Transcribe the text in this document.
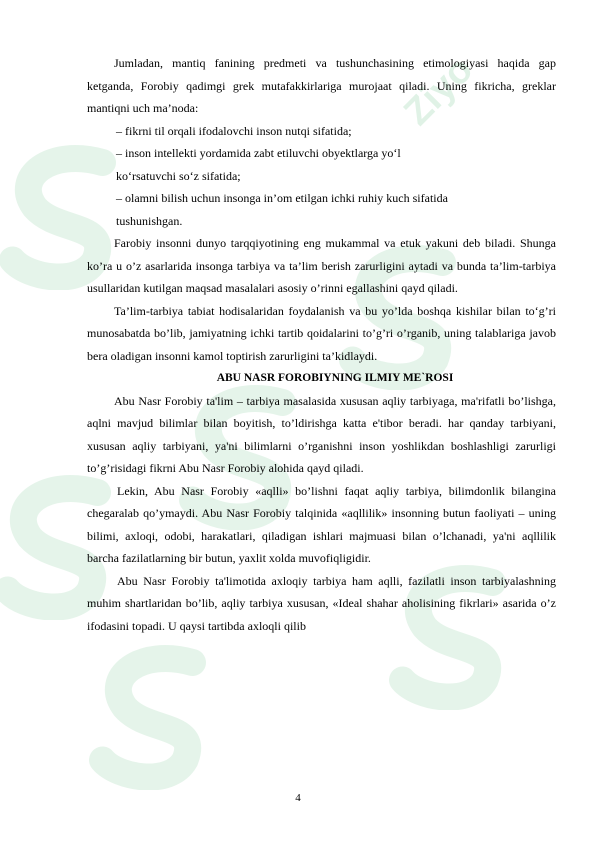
Ziyo

Jumladan, mantiq fanining predmeti va tushunchasining etimologiyasi haqida gap ketganda, Forobiy qadimgi grek mutafakkirlariga murojaat qiladi. Uning fikricha, greklar mantiqni uch ma’noda:

– fikrni til orqali ifodalovchi inson nutqi sifatida;

– inson intellekti yordamida zabt etiluvchi obyektlarga yo‘l

ko‘rsatuvchi so‘z sifatida;

– olamni bilish uchun insonga in’om etilgan ichki ruhiy kuch sifatida

tushunishgan.

Farobiy insonni dunyo tarqqiyotining eng mukammal va etuk yakuni deb biladi. Shunga ko’ra u o’z asarlarida insonga tarbiya va ta’lim berish zarurligini aytadi va bunda ta’lim-tarbiya usullaridan kutilgan maqsad masalalari asosiy o’rinni egallashini qayd qiladi.

Ta’lim-tarbiya tabiat hodisalaridan foydalanish va bu yo’lda boshqa kishilar bilan to‘g’ri munosabatda bo’lib, jamiyatning ichki tartib qoidalarini to’g’ri o’rganib, uning talablariga javob bera oladigan insonni kamol toptirish zarurligini ta’kidlaydi.

ABU NASR FOROBIYNING ILMIY ME`ROSI

Abu Nasr Forobiy ta'lim – tarbiya masalasida xususan aqliy tarbiyaga, ma'rifatli bo’lishga, aqlni mavjud bilimlar bilan boyitish, to’ldirishga katta e'tibor beradi. har qanday tarbiyani, xususan aqliy tarbiyani, ya'ni bilimlarni o’rganishni inson yoshlikdan boshlashligi zarurligi to’g’risidagi fikrni Abu Nasr Forobiy alohida qayd qiladi.

Lekin, Abu Nasr Forobiy «aqlli» bo’lishni faqat aqliy tarbiya, bilimdonlik bilangina chegaralab qo’ymaydi. Abu Nasr Forobiy talqinida «aqllilik» insonning butun faoliyati – uning bilimi, axloqi, odobi, harakatlari, qiladigan ishlari majmuasi bilan o’lchanadi, ya'ni aqllilik barcha fazilatlarning bir butun, yaxlit xolda muvofiqligidir.

Abu Nasr Forobiy ta'limotida axloqiy tarbiya ham aqlli, fazilatli inson tarbiyalashning muhim shartlaridan bo’lib, aqliy tarbiya xususan, «Ideal shahar aholisining fikrlari» asarida o’z ifodasini topadi. U qaysi tartibda axloqli qilib

4
